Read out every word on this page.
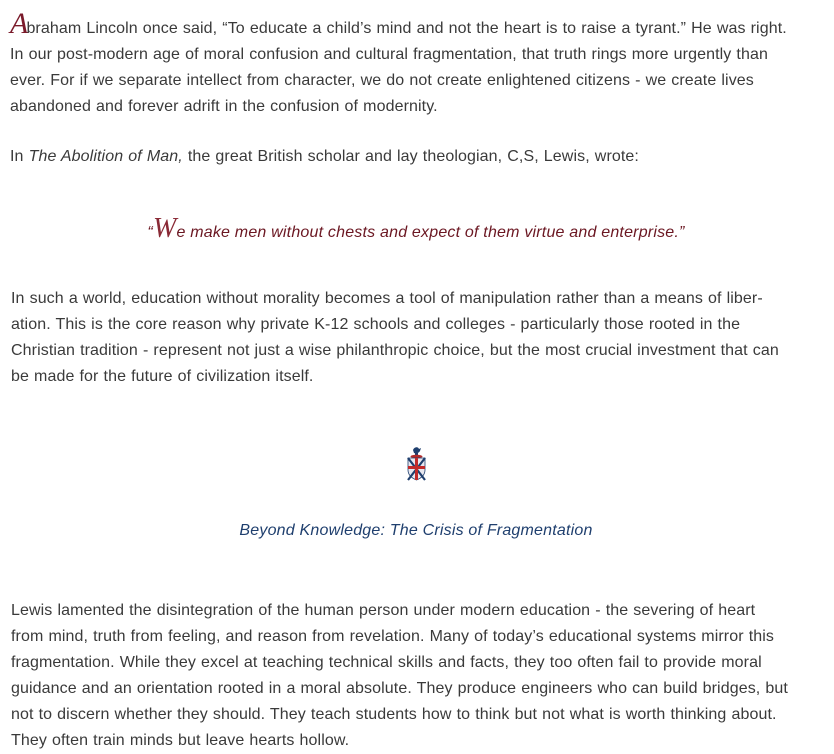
Abraham Lincoln once said, “To educate a child’s mind and not the heart is to raise a tyrant.” He was right. In our post-modern age of moral confusion and cultural fragmentation, that truth rings more urgently than ever. For if we separate intellect from character, we do not create enlightened citizens - we create lives abandoned and forever adrift in the confusion of modernity.

In The Abolition of Man, the great British scholar and lay theologian, C,S, Lewis, wrote:

“We make men without chests and expect of them virtue and enterprise.”

In such a world, education without morality becomes a tool of manipulation rather than a means of liberation. This is the core reason why private K-12 schools and colleges - particularly those rooted in the Christian tradition - represent not just a wise philanthropic choice, but the most crucial investment that can be made for the future of civilization itself.

Beyond Knowledge: The Crisis of Fragmentation

Lewis lamented the disintegration of the human person under modern education - the severing of heart from mind, truth from feeling, and reason from revelation. Many of today’s educational systems mirror this fragmentation. While they excel at teaching technical skills and facts, they too often fail to provide moral guidance and an orientation rooted in a moral absolute. They produce engineers who can build bridges, but not to discern whether they should. They teach students how to think but not what is worth thinking about. They often train minds but leave hearts hollow.
